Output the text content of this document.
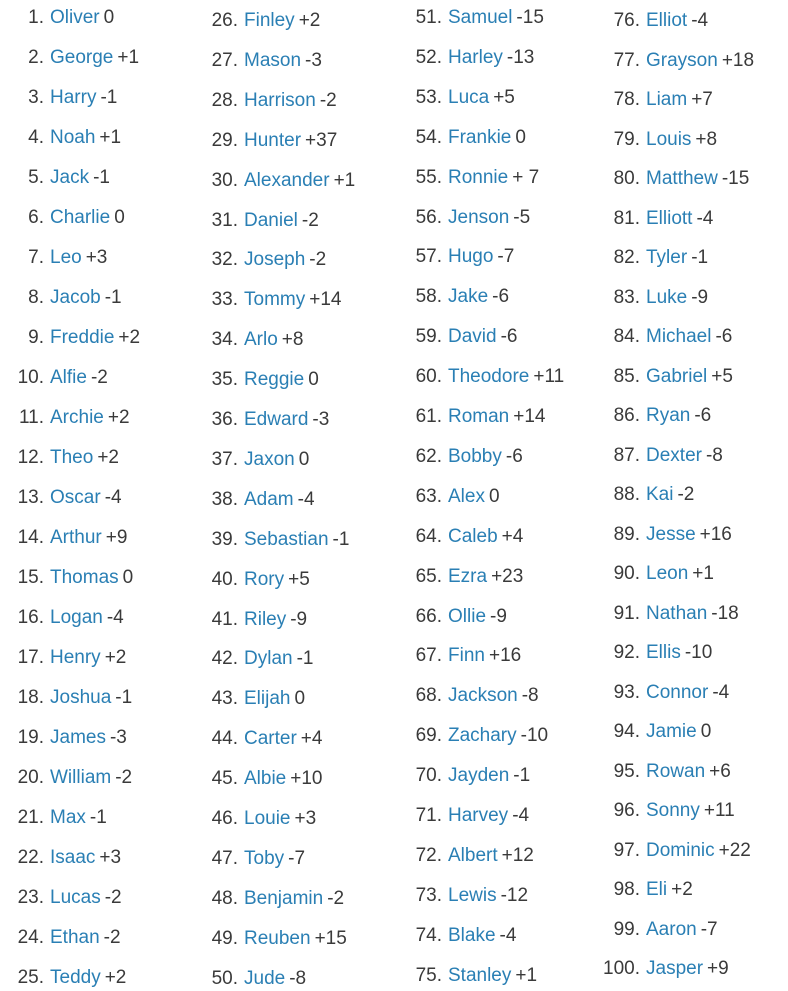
1. Oliver 0
2. George +1
3. Harry -1
4. Noah +1
5. Jack -1
6. Charlie 0
7. Leo +3
8. Jacob -1
9. Freddie +2
10. Alfie -2
11. Archie +2
12. Theo +2
13. Oscar -4
14. Arthur +9
15. Thomas 0
16. Logan -4
17. Henry +2
18. Joshua -1
19. James -3
20. William -2
21. Max -1
22. Isaac +3
23. Lucas -2
24. Ethan -2
25. Teddy +2
26. Finley +2
27. Mason -3
28. Harrison -2
29. Hunter +37
30. Alexander +1
31. Daniel -2
32. Joseph -2
33. Tommy +14
34. Arlo +8
35. Reggie 0
36. Edward -3
37. Jaxon 0
38. Adam -4
39. Sebastian -1
40. Rory +5
41. Riley -9
42. Dylan -1
43. Elijah 0
44. Carter +4
45. Albie +10
46. Louie +3
47. Toby -7
48. Benjamin -2
49. Reuben +15
50. Jude -8
51. Samuel -15
52. Harley -13
53. Luca +5
54. Frankie 0
55. Ronnie + 7
56. Jenson -5
57. Hugo -7
58. Jake -6
59. David -6
60. Theodore +11
61. Roman +14
62. Bobby -6
63. Alex 0
64. Caleb +4
65. Ezra +23
66. Ollie -9
67. Finn +16
68. Jackson -8
69. Zachary -10
70. Jayden -1
71. Harvey -4
72. Albert +12
73. Lewis -12
74. Blake -4
75. Stanley +1
76. Elliot -4
77. Grayson +18
78. Liam +7
79. Louis +8
80. Matthew -15
81. Elliott -4
82. Tyler -1
83. Luke -9
84. Michael -6
85. Gabriel +5
86. Ryan -6
87. Dexter -8
88. Kai -2
89. Jesse +16
90. Leon +1
91. Nathan -18
92. Ellis -10
93. Connor -4
94. Jamie 0
95. Rowan +6
96. Sonny +11
97. Dominic +22
98. Eli +2
99. Aaron -7
100. Jasper +9
